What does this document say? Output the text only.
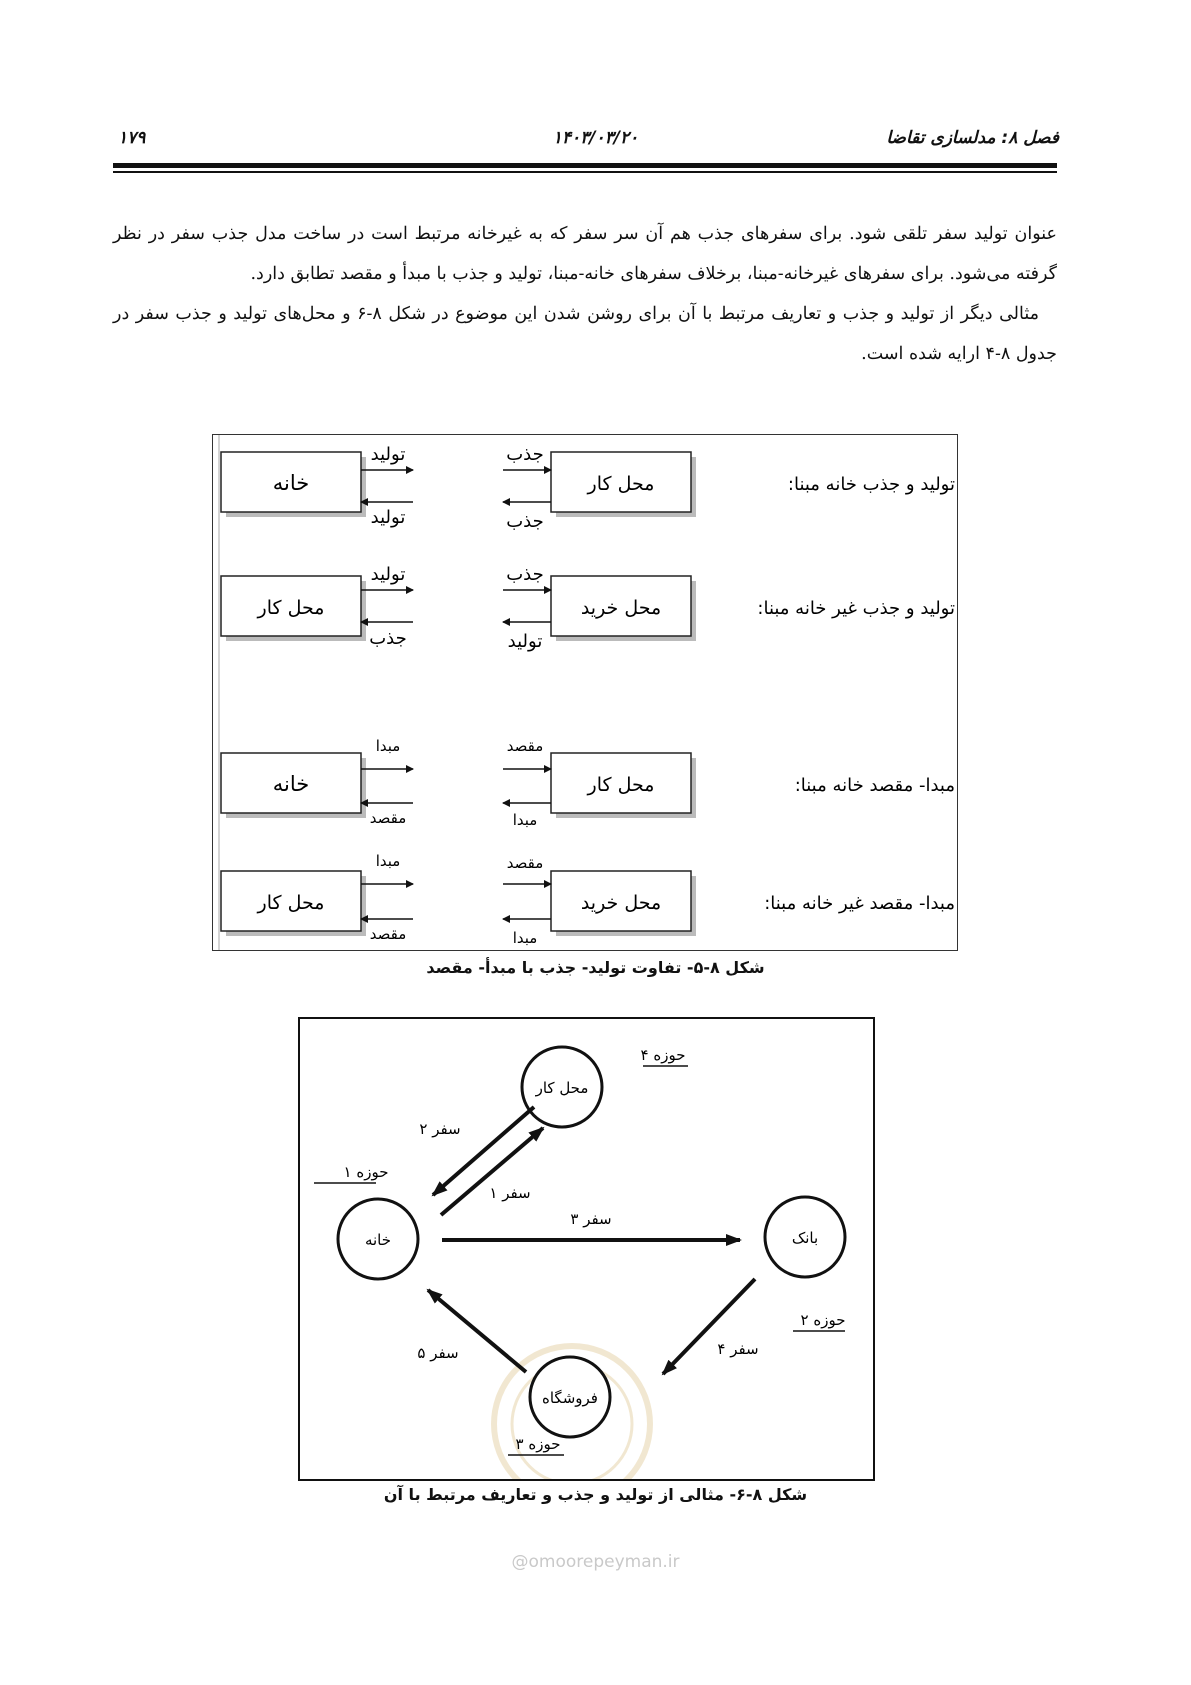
۱۷۹	۱۴۰۳/۰۳/۲۰	فصل ۸: مدلسازی تقاضا

عنوان تولید سفر تلقی شود. برای سفرهای جذب هم آن سر سفر که به غیرخانه مرتبط است در ساخت مدل جذب سفر در نظر گرفته می‌شود. برای سفرهای غیرخانه-مبنا، برخلاف سفرهای خانه-مبنا، تولید و جذب با مبدأ و مقصد تطابق دارد.

مثالی دیگر از تولید و جذب و تعاریف مرتبط با آن برای روشن شدن این موضوع در شکل ۸-۶ و محل‌های تولید و جذب سفر در جدول ۸-۴ ارایه شده است.

خانه	محل کار
تولید
تولید
جذب
جذب
تولید و جذب خانه مبنا:
محل کار	محل خرید
تولید
جذب
جذب
تولید
تولید و جذب غیر خانه مبنا:
خانه	محل کار
مبدا
مقصد
مقصد
مبدا
مبدا- مقصد خانه مبنا:
محل کار	محل خرید
مبدا
مقصد
مقصد
مبدا
مبدا- مقصد غیر خانه مبنا:
شکل ۸-۵- تفاوت تولید- جذب با مبدأ- مقصد
محل کار
خانه	بانک
فروشگاه
سفر ۲
سفر ۱
سفر ۳
سفر ۴
سفر ۵
حوزه ۱
حوزه ۴
حوزه ۲
حوزه ۳
شکل ۸-۶- مثالی از تولید و جذب و تعاریف مرتبط با آن
@omoorepeyman.ir
